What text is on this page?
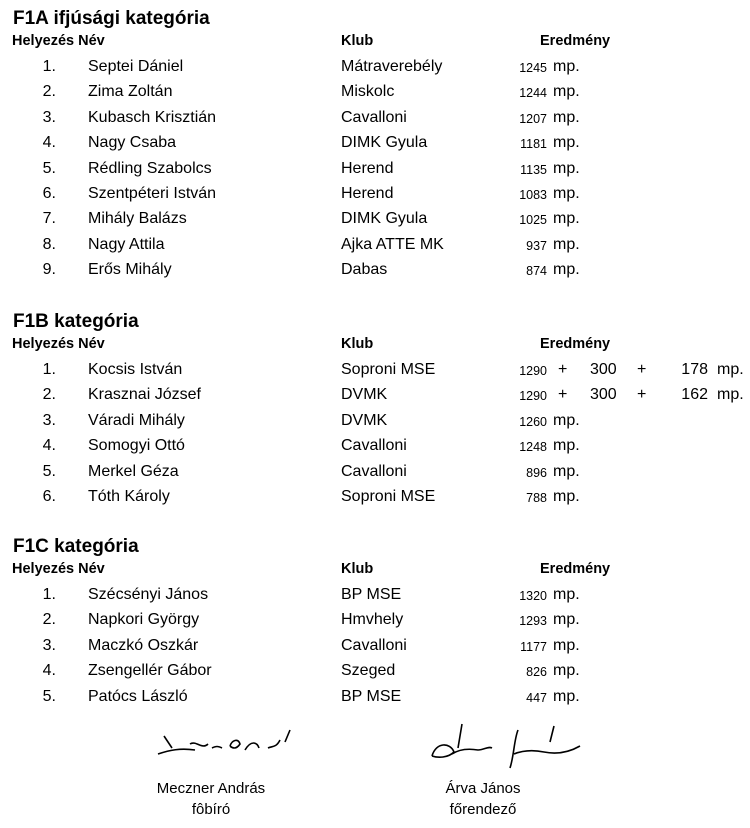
F1A ifjúsági kategória
Helyezés Név	Klub	Eredmény
1. Septei Dániel	Mátraverebély	1245 mp.
2. Zima Zoltán	Miskolc	1244 mp.
3. Kubasch Krisztián	Cavalloni	1207 mp.
4. Nagy Csaba	DIMK Gyula	1181 mp.
5. Rédling Szabolcs	Herend	1135 mp.
6. Szentpéteri István	Herend	1083 mp.
7. Mihály Balázs	DIMK Gyula	1025 mp.
8. Nagy Attila	Ajka ATTE MK	937 mp.
9. Erős Mihály	Dabas	874 mp.
F1B kategória
Helyezés Név	Klub	Eredmény
1. Kocsis István	Soproni MSE	1290 + 300 +	178 mp.
2. Krasznai József	DVMK	1290 + 300 +	162 mp.
3. Váradi Mihály	DVMK	1260 mp.
4. Somogyi Ottó	Cavalloni	1248 mp.
5. Merkel Géza	Cavalloni	896 mp.
6. Tóth Károly	Soproni MSE	788 mp.
F1C kategória
Helyezés Név	Klub	Eredmény
1. Szécsényi János	BP MSE	1320 mp.
2. Napkori György	Hmvhely	1293 mp.
3. Maczkó Oszkár	Cavalloni	1177 mp.
4. Zsengellér Gábor	Szeged	826 mp.
5. Patócs László	BP MSE	447 mp.
Meczner András
fôbíró
Árva János
főrendező
